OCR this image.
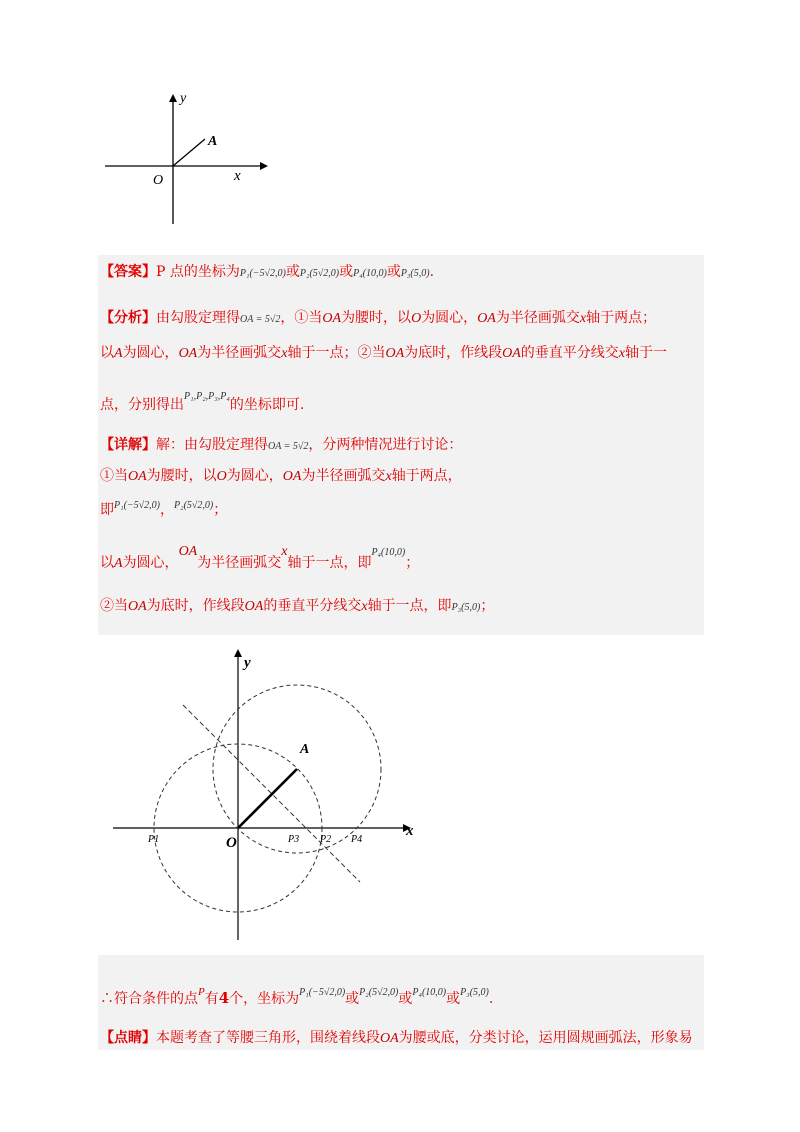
y
x
O
A
【答案】P 点的坐标为P₁(−5√2,0)或P₂(5√2,0)或P₄(10,0)或P₃(5,0).
【分析】由勾股定理得OA = 5√2，①当OA为腰时，以O为圆心，OA为半径画弧交x轴于两点；
以A为圆心，OA为半径画弧交x轴于一点；②当OA为底时，作线段OA的垂直平分线交x轴于一
点，分别得出$^{P_1,P_2,P_3,P_4}$的坐标即可.
【详解】解：由勾股定理得OA = 5√2，分两种情况进行讨论：
①当OA为腰时，以O为圆心，OA为半径画弧交x轴于两点，
即$^{P_1(-5√2,0)}$，$^{P_2(5√2,0)}$；
以A为圆心，OA为半径画弧交x轴于一点，即$^{P_4(10,0)}$；
②当OA为底时，作线段OA的垂直平分线交x轴于一点，即P₃(5,0)；
y
x
O
A
P1	P3 P2 P4
∴符合条件的点$^P$有4个，坐标为$^{P_1(-5√2,0)}$或$^{P_2(5√2,0)}$或$^{P_4(10,0)}$或$^{P_3(5,0)}$.
【点睛】本题考查了等腰三角形，围绕着线段OA为腰或底，分类讨论，运用圆规画弧法，形象易
